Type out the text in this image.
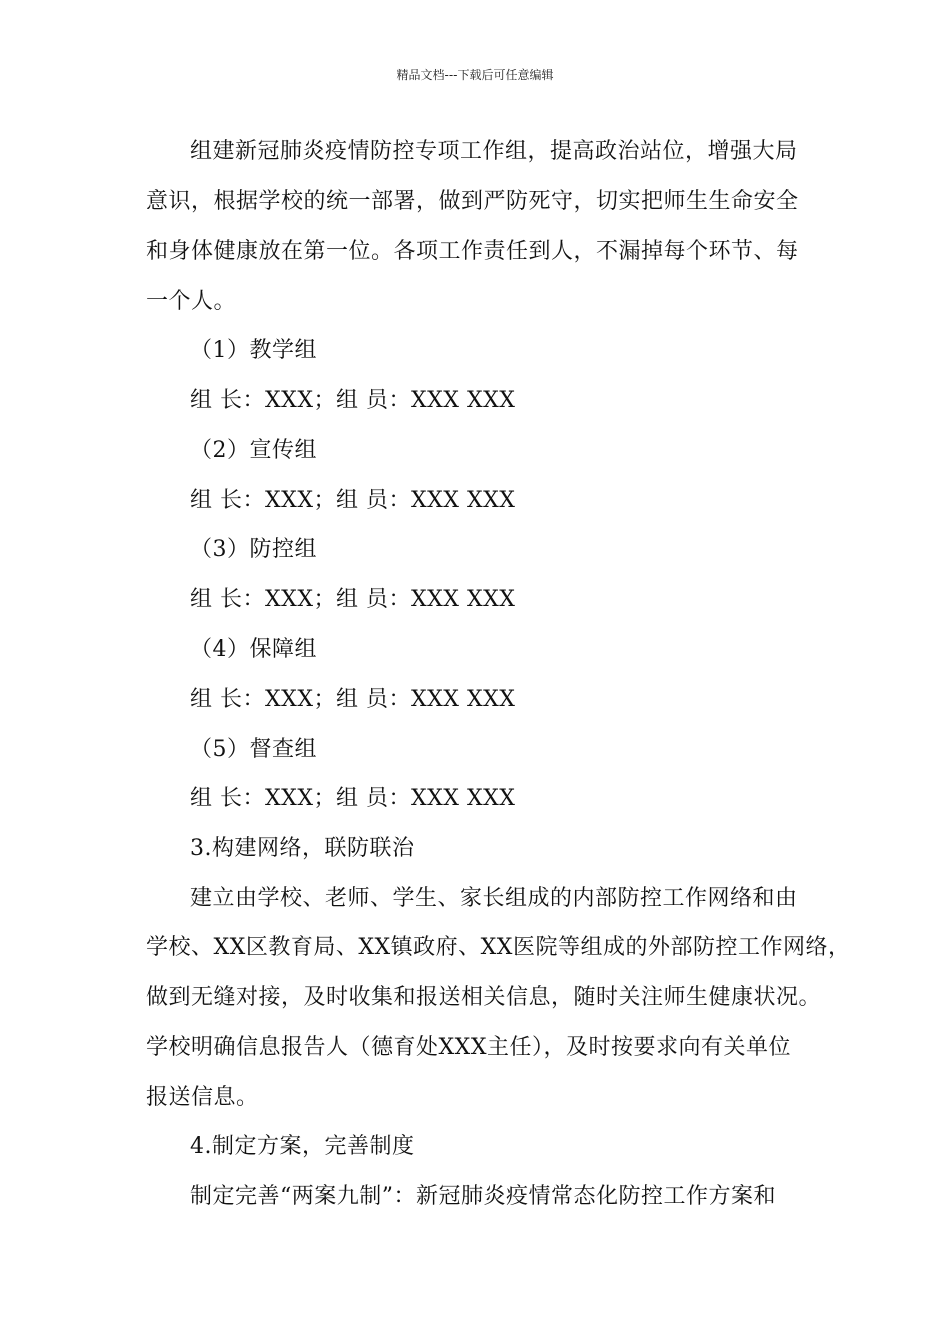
精品文档---下载后可任意编辑
组建新冠肺炎疫情防控专项工作组，提高政治站位，增强大局
意识，根据学校的统一部署，做到严防死守，切实把师生生命安全
和身体健康放在第一位。各项工作责任到人，不漏掉每个环节、每
一个人。
（1）教学组
组 长：XXX；组 员：XXX XXX
（2）宣传组
组 长：XXX；组 员：XXX XXX
（3）防控组
组 长：XXX；组 员：XXX XXX
（4）保障组
组 长：XXX；组 员：XXX XXX
（5）督查组
组 长：XXX；组 员：XXX XXX
3.构建网络，联防联治
建立由学校、老师、学生、家长组成的内部防控工作网络和由
学校、XX区教育局、XX镇政府、XX医院等组成的外部防控工作网络，
做到无缝对接，及时收集和报送相关信息，随时关注师生健康状况。
学校明确信息报告人（德育处XXX主任），及时按要求向有关单位
报送信息。
4.制定方案，完善制度
制定完善“两案九制”：新冠肺炎疫情常态化防控工作方案和
